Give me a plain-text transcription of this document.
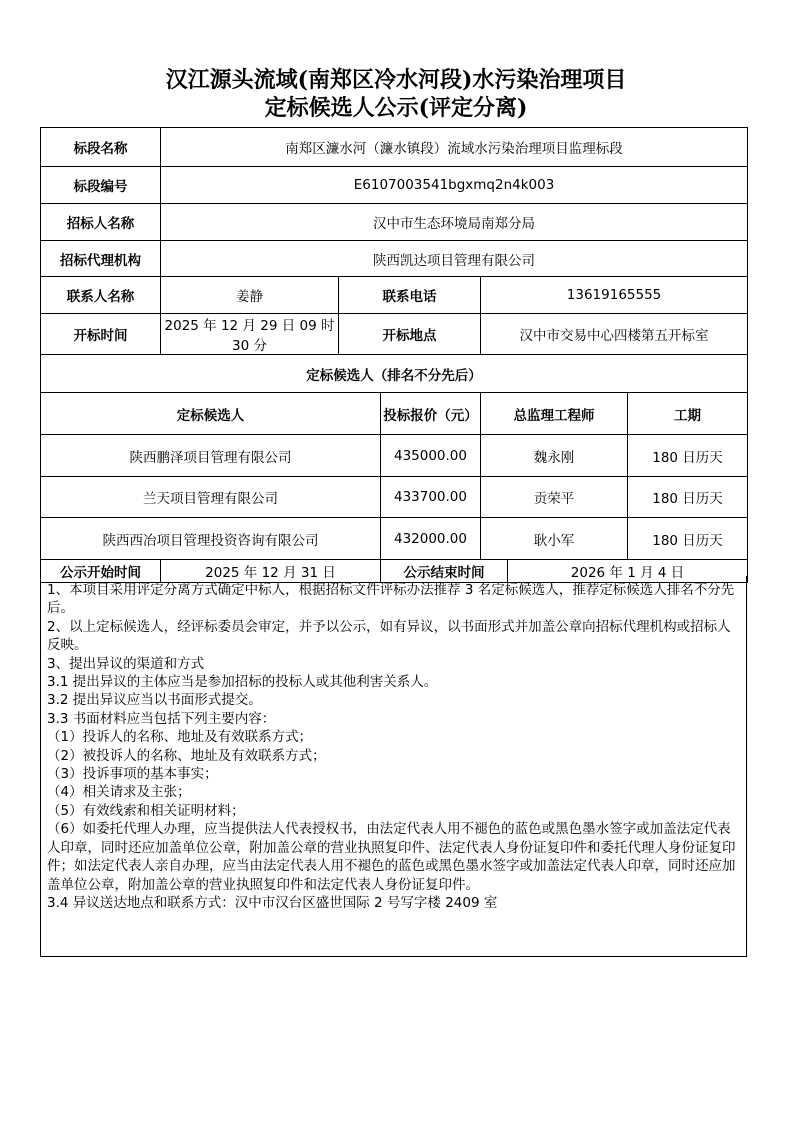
汉江源头流域(南郑区冷水河段)水污染治理项目
定标候选人公示(评定分离)
标段名称	南郑区濂水河（濂水镇段）流域水污染治理项目监理标段					
标段编号	E6107003541bgxmq2n4k003					
招标人名称	汉中市生态环境局南郑分局					
招标代理机构	陕西凯达项目管理有限公司					
联系人名称	姜静	联系电话		13619165555		
开标时间	2025 年 12 月 29 日 09 时 30 分	开标地点		汉中市交易中心四楼第五开标室		
定标候选人（排名不分先后）						
定标候选人			投标报价（元）	总监理工程师		工期
陕西鹏泽项目管理有限公司			435000.00	魏永刚		180 日历天
兰天项目管理有限公司			433700.00	贡荣平		180 日历天
陕西西冶项目管理投资咨询有限公司			432000.00	耿小军		180 日历天
公示开始时间	2025 年 12 月 31 日		公示结束时间		2026 年 1 月 4 日	

1、本项目采用评定分离方式确定中标人，根据招标文件评标办法推荐 3 名定标候选人，推荐定标候选人排名不分先后。

2、以上定标候选人，经评标委员会审定，并予以公示，如有异议，以书面形式并加盖公章向招标代理机构或招标人反映。

3、提出异议的渠道和方式

3.1 提出异议的主体应当是参加招标的投标人或其他利害关系人。

3.2 提出异议应当以书面形式提交。

3.3 书面材料应当包括下列主要内容：

（1）投诉人的名称、地址及有效联系方式；

（2）被投诉人的名称、地址及有效联系方式；

（3）投诉事项的基本事实；

（4）相关请求及主张；

（5）有效线索和相关证明材料；

（6）如委托代理人办理，应当提供法人代表授权书，由法定代表人用不褪色的蓝色或黑色墨水签字或加盖法定代表人印章，同时还应加盖单位公章，附加盖公章的营业执照复印件、法定代表人身份证复印件和委托代理人身份证复印件；如法定代表人亲自办理，应当由法定代表人用不褪色的蓝色或黑色墨水签字或加盖法定代表人印章，同时还应加盖单位公章，附加盖公章的营业执照复印件和法定代表人身份证复印件。

3.4 异议送达地点和联系方式：汉中市汉台区盛世国际 2 号写字楼 2409 室
